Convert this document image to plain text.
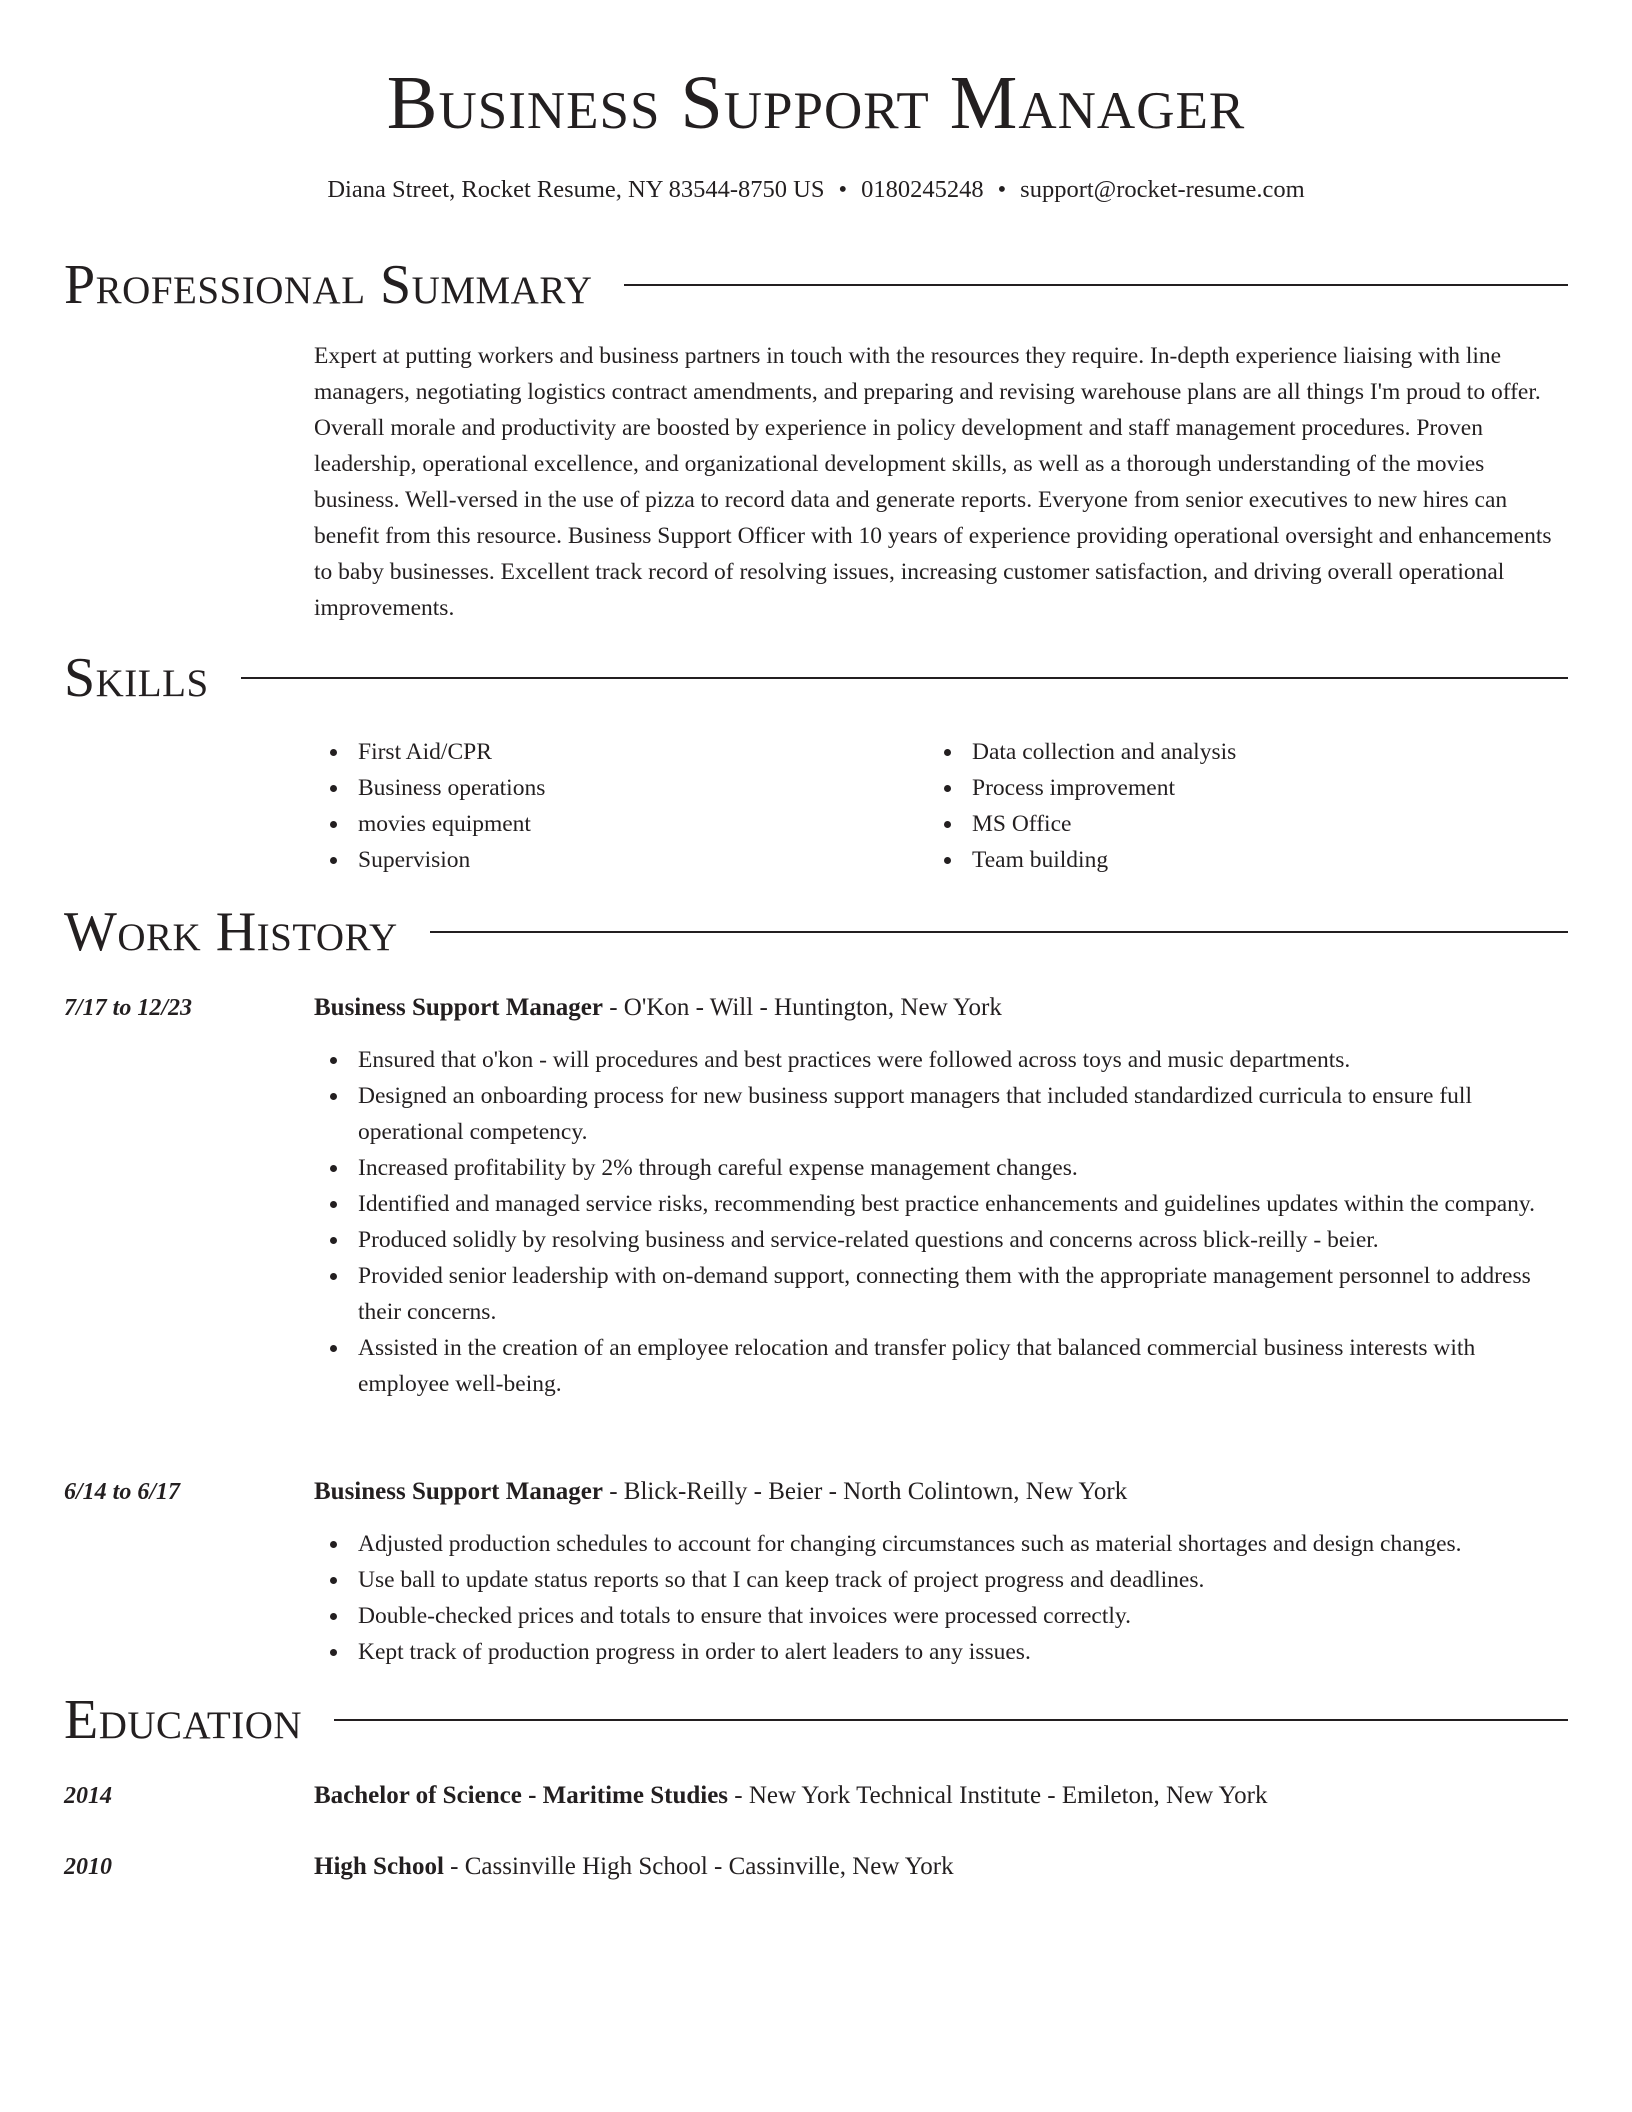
Business Support Manager
Diana Street, Rocket Resume, NY 83544-8750 US • 0180245248 • support@rocket-resume.com
Professional Summary

Expert at putting workers and business partners in touch with the resources they require. In-depth experience liaising with line managers, negotiating logistics contract amendments, and preparing and revising warehouse plans are all things I'm proud to offer. Overall morale and productivity are boosted by experience in policy development and staff management procedures. Proven leadership, operational excellence, and organizational development skills, as well as a thorough understanding of the movies business. Well-versed in the use of pizza to record data and generate reports. Everyone from senior executives to new hires can benefit from this resource. Business Support Officer with 10 years of experience providing operational oversight and enhancements to baby businesses. Excellent track record of resolving issues, increasing customer satisfaction, and driving overall operational improvements.

Skills
First Aid/CPR
Business operations
movies equipment
Supervision
Data collection and analysis
Process improvement
MS Office
Team building
Work History
7/17 to 12/23	Business Support Manager - O'Kon - Will - Huntington, New York
Ensured that o'kon - will procedures and best practices were followed across toys and music departments.
Designed an onboarding process for new business support managers that included standardized curricula to ensure full operational competency.
Increased profitability by 2% through careful expense management changes.
Identified and managed service risks, recommending best practice enhancements and guidelines updates within the company.
Produced solidly by resolving business and service-related questions and concerns across blick-reilly - beier.
Provided senior leadership with on-demand support, connecting them with the appropriate management personnel to address their concerns.
Assisted in the creation of an employee relocation and transfer policy that balanced commercial business interests with employee well-being.
6/14 to 6/17	Business Support Manager - Blick-Reilly - Beier - North Colintown, New York
Adjusted production schedules to account for changing circumstances such as material shortages and design changes.
Use ball to update status reports so that I can keep track of project progress and deadlines.
Double-checked prices and totals to ensure that invoices were processed correctly.
Kept track of production progress in order to alert leaders to any issues.
Education
2014	Bachelor of Science - Maritime Studies - New York Technical Institute - Emileton, New York
2010	High School - Cassinville High School - Cassinville, New York
